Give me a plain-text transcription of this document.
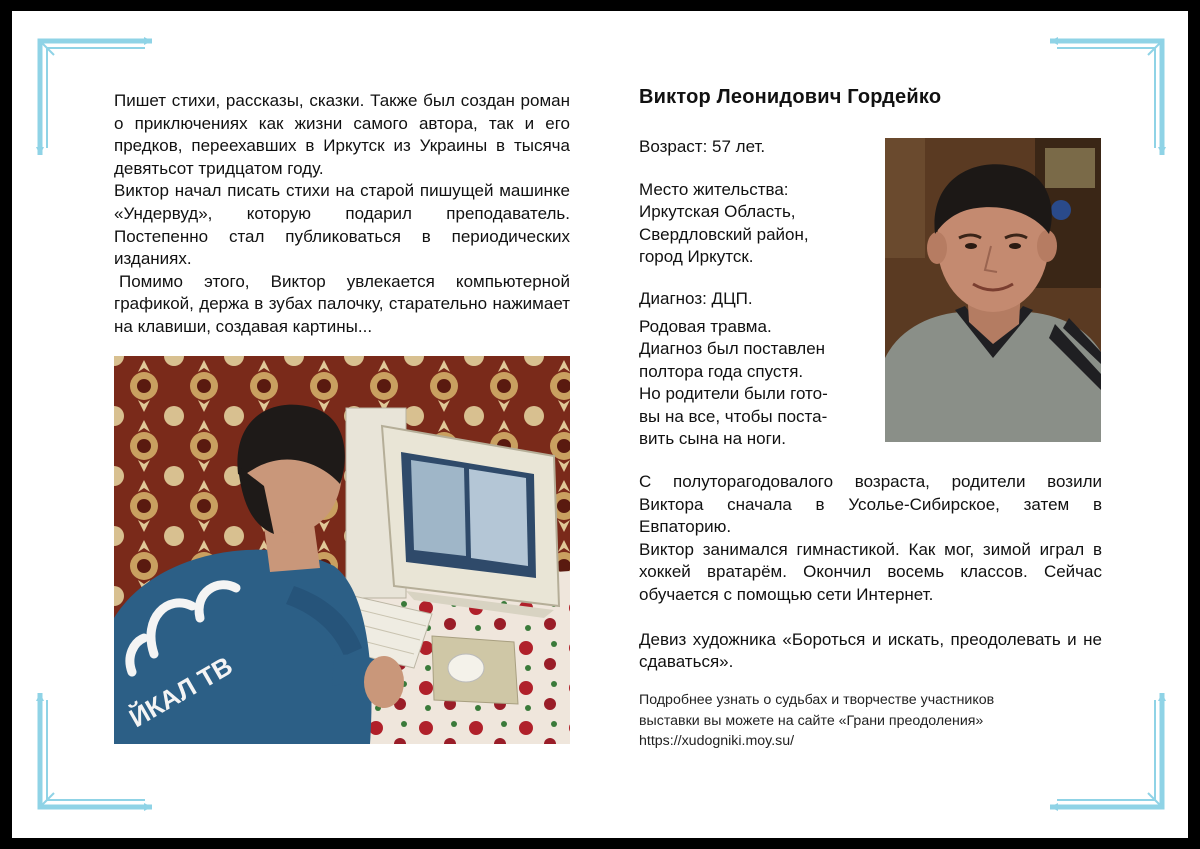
Пишет стихи, рассказы, сказки. Также был создан роман о приключениях как жизни самого автора, так и его предков, переехавших в Иркутск из Украины в тысяча девятьсот тридцатом году.

Виктор начал писать стихи на старой пишущей машинке «Ундервуд», которую подарил преподаватель. Постепенно стал публиковаться в периодических изданиях.

Помимо этого, Виктор увлекается компьютерной графикой, держа в зубах палочку, старательно нажимает на клавиши, создавая картины...

ЙКАЛ ТВ
Виктор Леонидович Гордейко
Возраст: 57 лет.
Место жительства:
Иркутская Область,
Свердловский район,
город Иркутск.
Диагноз: ДЦП.
Родовая травма.
Диагноз был поставлен
полтора года спустя.
Но родители были гото-
вы на все, чтобы поста-
вить сына на ноги.

С полуторагодовалого возраста, родители возили Виктора сначала в Усолье-Сибирское, затем в Евпаторию.

Виктор занимался гимнастикой. Как мог, зимой играл в хоккей вратарём. Окончил восемь классов. Сейчас обучается с помощью сети Интернет.

Девиз художника «Бороться и искать, преодолевать и не сдаваться».

Подробнее узнать о судьбах и творчестве участников
выставки вы можете на сайте «Грани преодоления»
https://xudogniki.moy.su/
